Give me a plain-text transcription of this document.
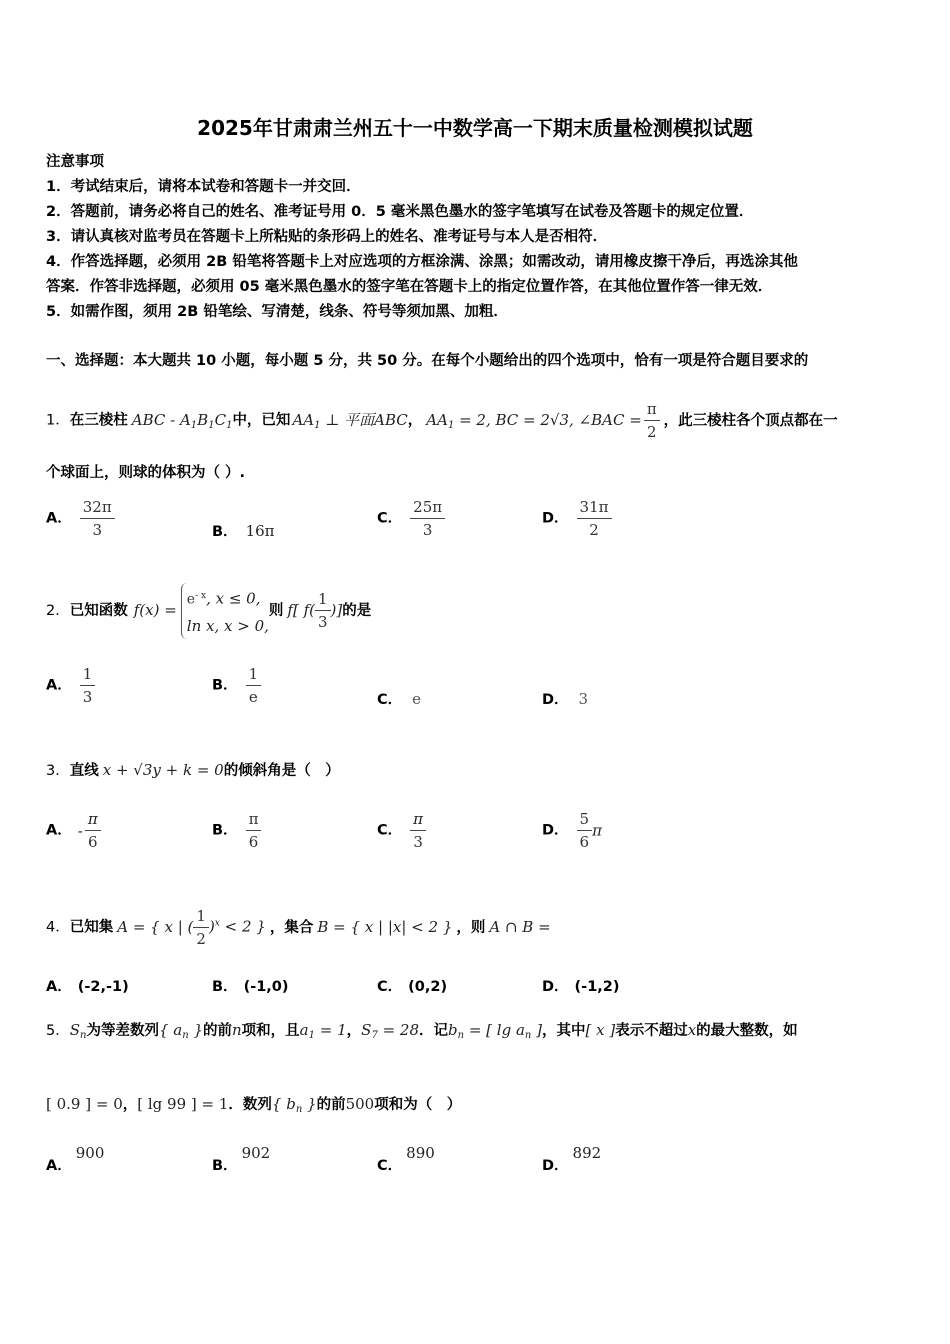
2025年甘肃肃兰州五十一中数学高一下期末质量检测模拟试题
注意事项
1．考试结束后，请将本试卷和答题卡一并交回．
2．答题前，请务必将自己的姓名、准考证号用 0．5 毫米黑色墨水的签字笔填写在试卷及答题卡的规定位置．
3．请认真核对监考员在答题卡上所粘贴的条形码上的姓名、准考证号与本人是否相符．
4．作答选择题，必须用 2B 铅笔将答题卡上对应选项的方框涂满、涂黑；如需改动，请用橡皮擦干净后，再选涂其他
答案．作答非选择题，必须用 05 毫米黑色墨水的签字笔在答题卡上的指定位置作答，在其他位置作答一律无效．
5．如需作图，须用 2B 铅笔绘、写清楚，线条、符号等须加黑、加粗．
一、选择题：本大题共 10 小题，每小题 5 分，共 50 分。在每个小题给出的四个选项中，恰有一项是符合题目要求的
1．在三棱柱 ABC - $A_1B_1C_1$中，已知 $AA_1$ ⊥ 平面ABC， $AA_1 = 2$, BC = 2√3, ∠BAC = $\frac{\pi}{2}$ ，此三棱柱各个顶点都在一
个球面上，则球的体积为（ ）.
A． $\frac{32\pi}{3}$	B． 16π
C． $\frac{25\pi}{3}$	D． $\frac{31\pi}{2}$
2．已知函数 f(x) =
$e^{- x}$, x ≤ 0,
ln x, x > 0,
则 f[ $f( \frac{1}{3}$ )]的是
A． $\frac{1}{3}$	B． $\frac{1}{e}$	C． e	D． 3
3．直线 x + √3y + k = 0的倾斜角是（　）
A． - $\frac{\pi}{6}$	B． $\frac{\pi}{6}$	C． $\frac{\pi}{3}$	D． $\frac{5}{6}$ π
4．已知集 A = { x | ( $\frac{1}{2} )^x < 2$ } ，集合 B = { x | |x| < 2 } ，则 A ∩ B =
A． (-2,-1)	B． (-1,0)	C． (0,2)	D． (-1,2)
5．$S_n$为等差数列{ $a_n$ }的前n项和，且$a_1 = 1$，$S_7 = 28$．记$b_n$ = [ $\lg a_n$ ]，其中[ x ]表示不超过x的最大整数，如
[ 0.9 ] = 0，[ lg 99 ] = 1．数列{ $b_n$ }的前500项和为（　）
A．900
B．902
C．890
D．892
